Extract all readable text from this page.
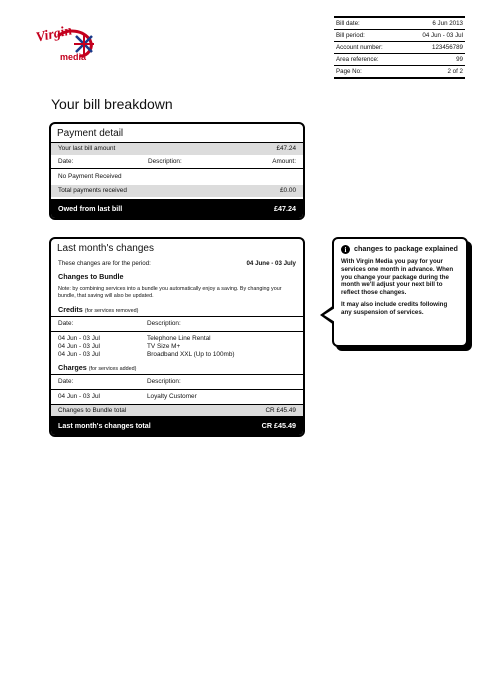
Virgin
media
Bill date:	6 Jun 2013
Bill period:	04 Jun - 03 Jul
Account number:	123456789
Area reference:	99
Page No:	2 of 2
Your bill breakdown
Payment detail
Your last bill amount	£47.24
Date:	Description:	Amount:
No Payment Received
Total payments received	£0.00
Owed from last bill	£47.24
Last month's changes
These changes are for the period:	04 June - 03 July
Changes to Bundle
Note: by combining services into a bundle you automatically enjoy a saving. By changing your bundle, that saving will also be updated.
Credits (for services removed)
Date:	Description:
04 Jun - 03 Jul	Telephone Line Rental
04 Jun - 03 Jul	TV Size M+
04 Jun - 03 Jul	Broadband XXL (Up to 100mb)
Charges (for services added)
Date:	Description:
04 Jun - 03 Jul	Loyalty Customer
Changes to Bundle total	CR £45.49
Last month's changes total	CR £45.49
i	changes to package explained

With Virgin Media you pay for your services one month in advance. When you change your package during the month we'll adjust your next bill to reflect those changes.

It may also include credits following any suspension of services.
